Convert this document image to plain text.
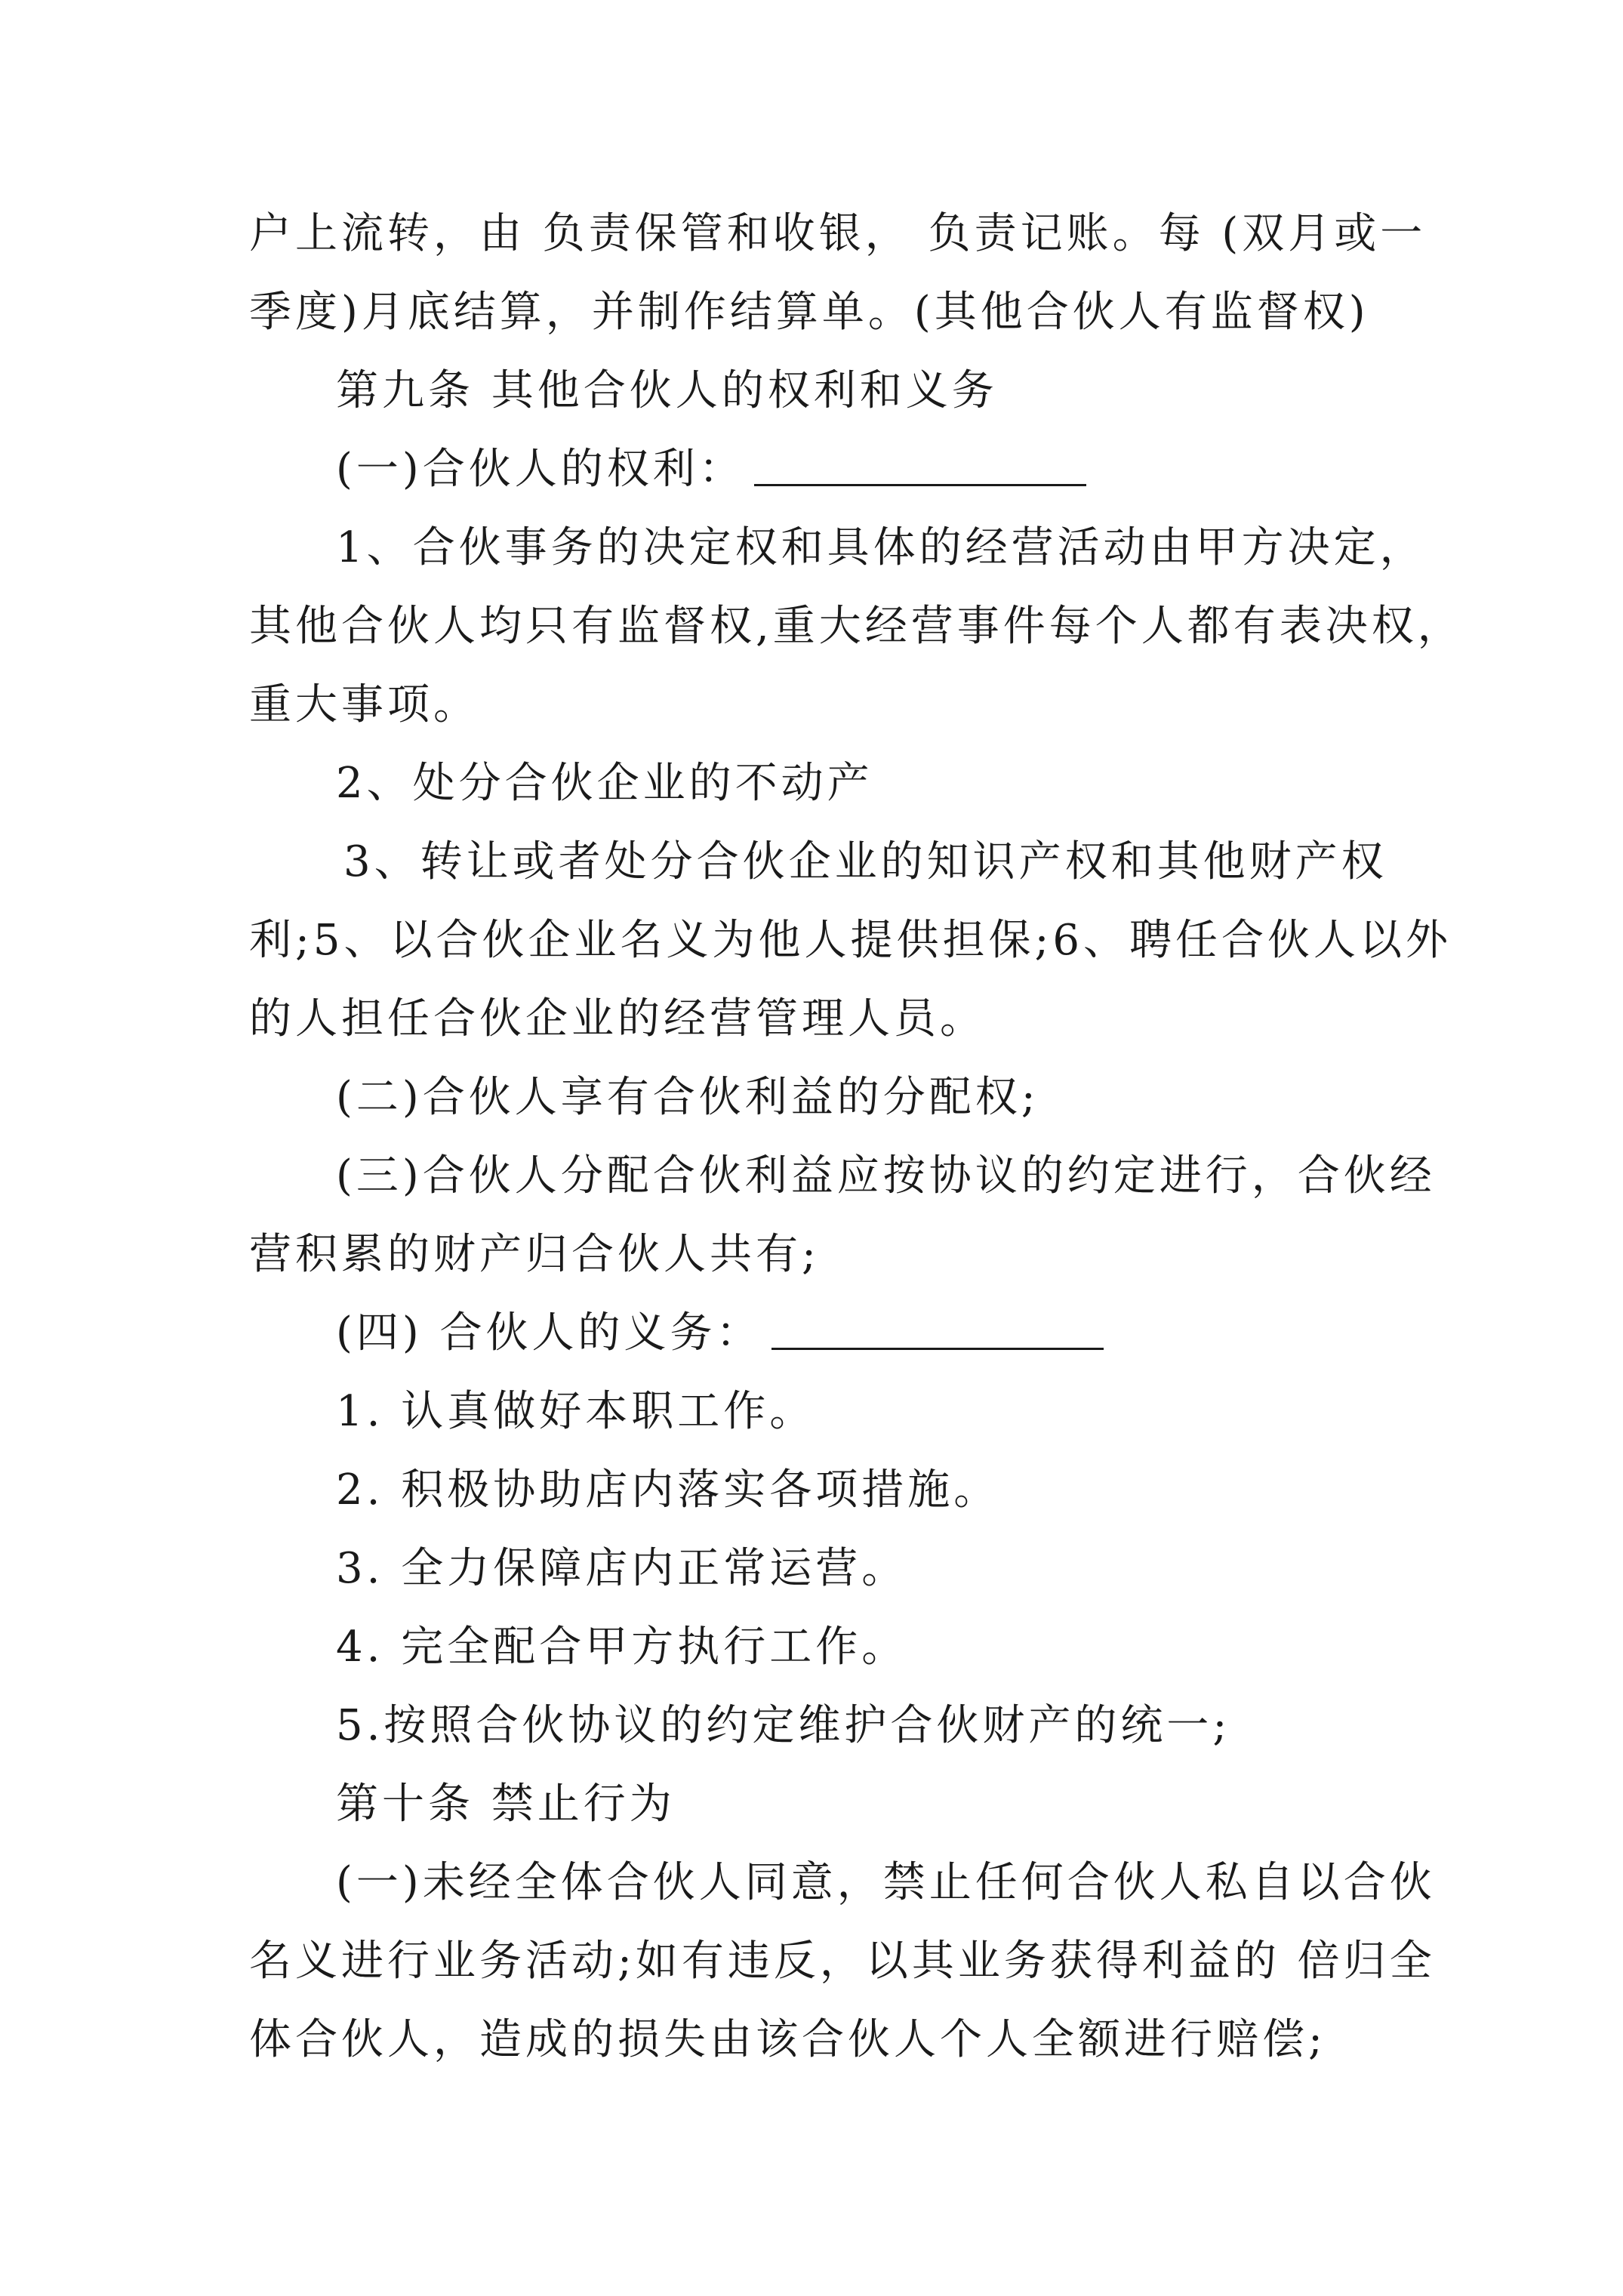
户上流转，由 负责保管和收银， 负责记账。每 (双月或一
季度)月底结算，并制作结算单。(其他合伙人有监督权)
第九条 其他合伙人的权利和义务
(一)合伙人的权利：
1、合伙事务的决定权和具体的经营活动由甲方决定，
其他合伙人均只有监督权,重大经营事件每个人都有表决权，
重大事项。
2、处分合伙企业的不动产
3、转让或者处分合伙企业的知识产权和其他财产权
利;5、以合伙企业名义为他人提供担保;6、聘任合伙人以外
的人担任合伙企业的经营管理人员。
(二)合伙人享有合伙利益的分配权;
(三)合伙人分配合伙利益应按协议的约定进行，合伙经
营积累的财产归合伙人共有;
(四) 合伙人的义务：
1. 认真做好本职工作。
2. 积极协助店内落实各项措施。
3. 全力保障店内正常运营。
4. 完全配合甲方执行工作。
5.按照合伙协议的约定维护合伙财产的统一;
第十条 禁止行为
(一)未经全体合伙人同意，禁止任何合伙人私自以合伙
名义进行业务活动;如有违反，以其业务获得利益的 倍归全
体合伙人，造成的损失由该合伙人个人全额进行赔偿;
